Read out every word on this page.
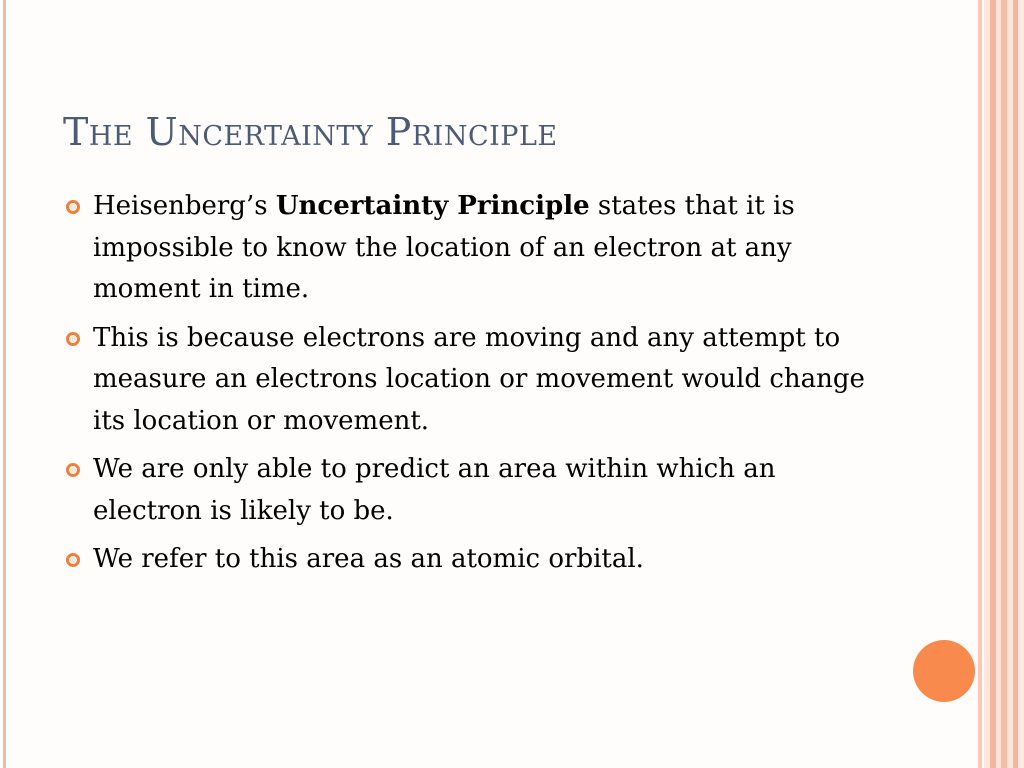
The Uncertainty Principle
Heisenberg’s Uncertainty Principle states that it is impossible to know the location of an electron at any moment in time.
This is because electrons are moving and any attempt to measure an electrons location or movement would change its location or movement.
We are only able to predict an area within which an electron is likely to be.
We refer to this area as an atomic orbital.
